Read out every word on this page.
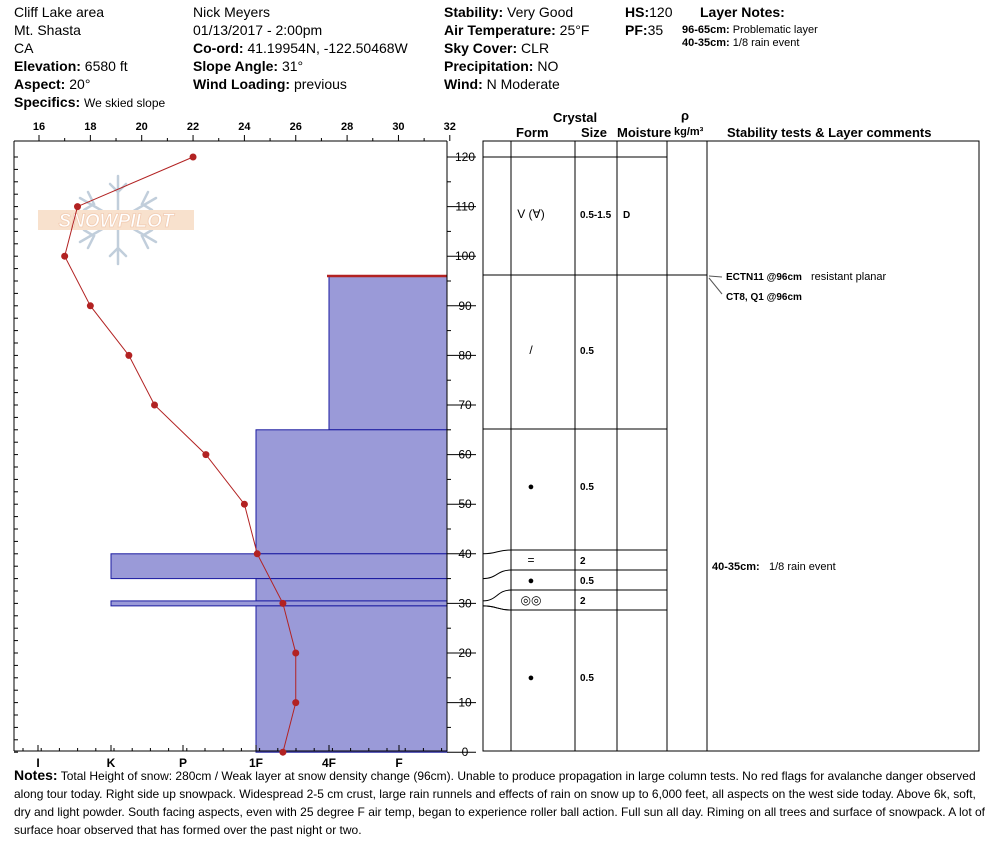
Cliff Lake area
Mt. Shasta
CA
Elevation: 6580 ft
Aspect: 20°
Specifics: We skied slope
Nick Meyers
01/13/2017 - 2:00pm
Co-ord: 41.19954N, -122.50468W
Slope Angle: 31°
Wind Loading: previous
Stability: Very Good
Air Temperature: 25°F
Sky Cover: CLR
Precipitation: NO
Wind: N Moderate
HS:120
PF:35
Layer Notes:
96-65cm: Problematic layer
40-35cm: 1/8 rain event
Crystal
Form	Size Moisture
ρ
kg/m³ Stability tests & Layer comments
SNOWPILOT
16	18	20	22	24	26	28	30	32
I	K	P	1F	4F	F
0
10
20
30
40
50
60
70
80
90
100
110
120
V (∀)	0.5-1.5 D
/	0.5
●	0.5
=	2
●	0.5
◎◎	2
●	0.5
ECTN11 @96cm resistant planar
CT8, Q1 @96cm
40-35cm: 1/8 rain event
Notes: Total Height of snow: 280cm / Weak layer at snow density change (96cm). Unable to produce propagation in large column tests. No red flags for avalanche danger observed along tour today. Right side up snowpack. Widespread 2-5 cm crust, large rain runnels and effects of rain on snow up to 6,000 feet, all aspects on the west side today. Above 6k, soft, dry and light powder. South facing aspects, even with 25 degree F air temp, began to experience roller ball action. Full sun all day. Riming on all trees and surface of snowpack. A lot of surface hoar observed that has formed over the past night or two.
